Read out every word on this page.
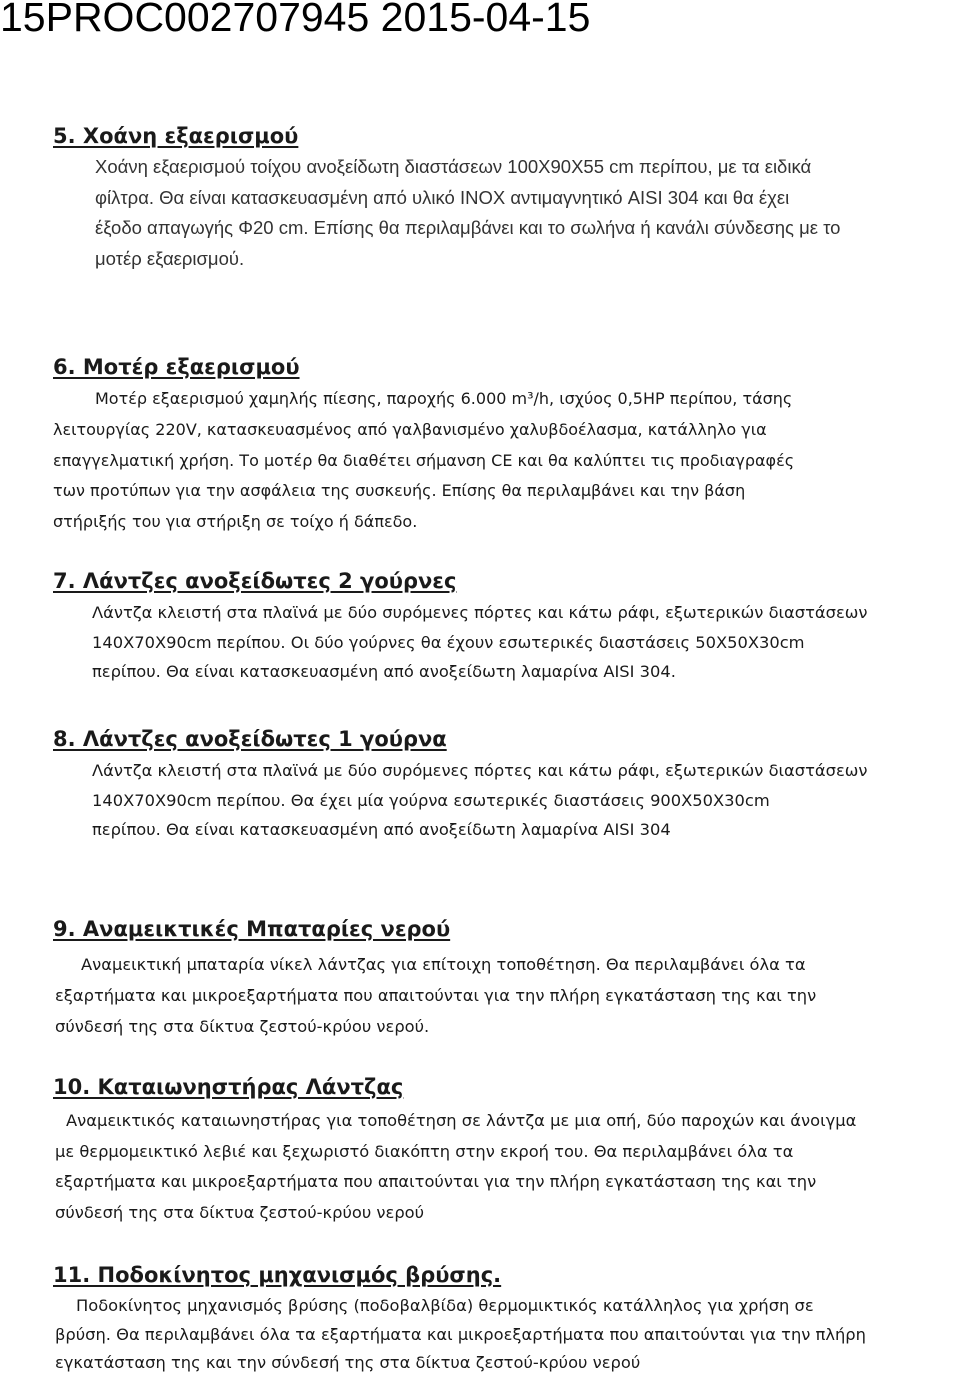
15PROC002707945 2015-04-15
5. Χοάνη εξαερισμού

Χοάνη εξαερισμού τοίχου ανοξείδωτη διαστάσεων 100Χ90Χ55 cm περίπου, με τα ειδικά
φίλτρα. Θα είναι κατασκευασμένη από υλικό INOX αντιμαγνητικό AISI 304 και θα έχει
έξοδο απαγωγής Φ20 cm. Επίσης θα περιλαμβάνει και το σωλήνα ή κανάλι σύνδεσης με το
μοτέρ εξαερισμού.

6. Μοτέρ εξαερισμού

Μοτέρ εξαερισμού χαμηλής πίεσης, παροχής 6.000 m³/h, ισχύος 0,5HP περίπου, τάσης
λειτουργίας 220V, κατασκευασμένος από γαλβανισμένο χαλυβδοέλασμα, κατάλληλο για
επαγγελματική χρήση. Το μοτέρ θα διαθέτει σήμανση CE και θα καλύπτει τις προδιαγραφές
των προτύπων για την ασφάλεια της συσκευής. Επίσης θα περιλαμβάνει και την βάση
στήριξής του για στήριξη σε τοίχο ή δάπεδο.

7. Λάντζες ανοξείδωτες 2 γούρνες

Λάντζα κλειστή στα πλαϊνά με δύο συρόμενες πόρτες και κάτω ράφι, εξωτερικών διαστάσεων
140Χ70Χ90cm περίπου. Οι δύο γούρνες θα έχουν εσωτερικές διαστάσεις 50Χ50Χ30cm
περίπου. Θα είναι κατασκευασμένη από ανοξείδωτη λαμαρίνα AISI 304.

8. Λάντζες ανοξείδωτες 1 γούρνα

Λάντζα κλειστή στα πλαϊνά με δύο συρόμενες πόρτες και κάτω ράφι, εξωτερικών διαστάσεων
140Χ70Χ90cm περίπου. Θα έχει μία γούρνα εσωτερικές διαστάσεις 900Χ50Χ30cm
περίπου. Θα είναι κατασκευασμένη από ανοξείδωτη λαμαρίνα AISI 304

9. Αναμεικτικές Μπαταρίες νερού

Αναμεικτική μπαταρία νίκελ λάντζας για επίτοιχη τοποθέτηση. Θα περιλαμβάνει όλα τα
εξαρτήματα και μικροεξαρτήματα που απαιτούνται για την πλήρη εγκατάσταση της και την
σύνδεσή της στα δίκτυα ζεστού-κρύου νερού.

10. Καταιωνηστήρας Λάντζας

Αναμεικτικός καταιωνηστήρας για τοποθέτηση σε λάντζα με μια οπή, δύο παροχών και άνοιγμα
με θερμομεικτικό λεβιέ και ξεχωριστό διακόπτη στην εκροή του. Θα περιλαμβάνει όλα τα
εξαρτήματα και μικροεξαρτήματα που απαιτούνται για την πλήρη εγκατάσταση της και την
σύνδεσή της στα δίκτυα ζεστού-κρύου νερού

11. Ποδοκίνητος μηχανισμός βρύσης.

Ποδοκίνητος μηχανισμός βρύσης (ποδοβαλβίδα) θερμομικτικός κατάλληλος για χρήση σε
βρύση. Θα περιλαμβάνει όλα τα εξαρτήματα και μικροεξαρτήματα που απαιτούνται για την πλήρη
εγκατάσταση της και την σύνδεσή της στα δίκτυα ζεστού-κρύου νερού
